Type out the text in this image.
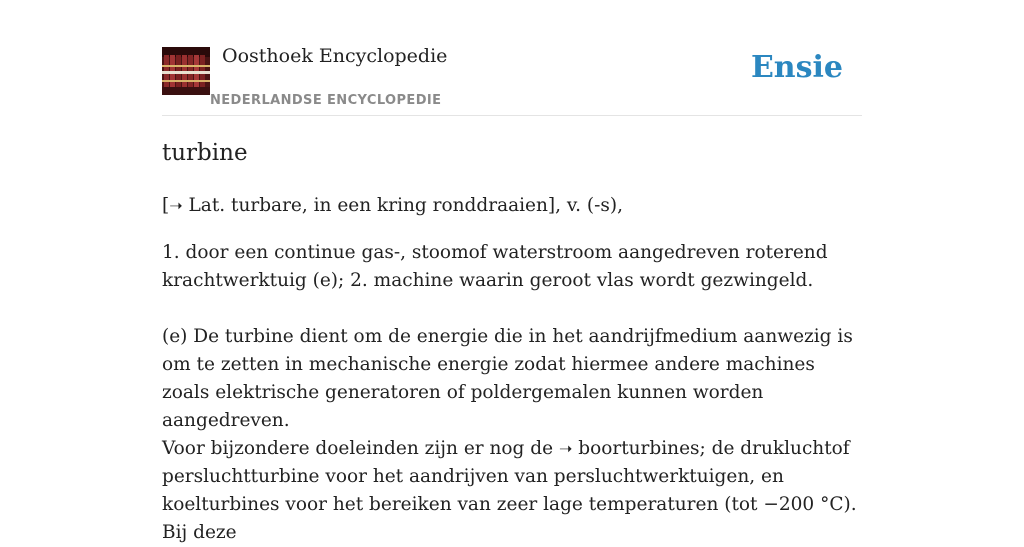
Oosthoek Encyclopedie
NEDERLANDSE ENCYCLOPEDIE
Ensie
turbine

[➝ Lat. turbare, in een kring ronddraaien], v. (-s),

1. door een continue gas-, stoomof waterstroom aangedreven roterend krachtwerktuig (e); 2. machine waarin geroot vlas wordt gezwingeld.

(e) De turbine dient om de energie die in het aandrijfmedium aanwezig is om te zetten in mechanische energie zodat hiermee andere machines zoals elektrische generatoren of poldergemalen kunnen worden aangedreven.

Voor bijzondere doeleinden zijn er nog de ➝ boorturbines; de drukluchtof persluchtturbine voor het aandrijven van persluchtwerktuigen, en koelturbines voor het bereiken van zeer lage temperaturen (tot −200 °C). Bij deze
